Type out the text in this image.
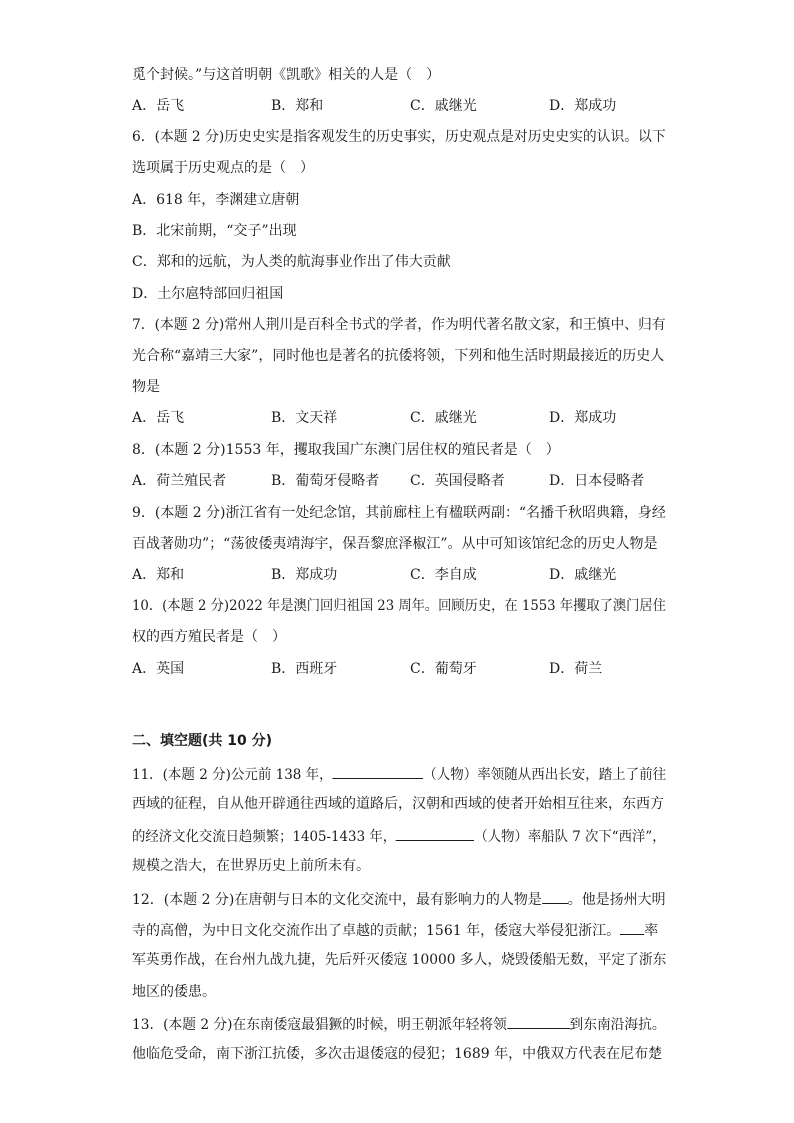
觅个封候。”与这首明朝《凯歌》相关的人是（　）
A．岳飞	B．郑和	C．戚继光	D．郑成功
6．(本题 2 分)历史史实是指客观发生的历史事实，历史观点是对历史史实的认识。以下
选项属于历史观点的是（　）
A．618 年，李渊建立唐朝
B．北宋前期，“交子”出现
C．郑和的远航，为人类的航海事业作出了伟大贡献
D．土尔扈特部回归祖国
7．(本题 2 分)常州人荆川是百科全书式的学者，作为明代著名散文家，和王慎中、归有
光合称“嘉靖三大家”，同时他也是著名的抗倭将领，下列和他生活时期最接近的历史人
物是
A．岳飞	B．文天祥	C．戚继光	D．郑成功
8．(本题 2 分)1553 年，攫取我国广东澳门居住权的殖民者是（　）
A．荷兰殖民者	B．葡萄牙侵略者 C．英国侵略者	D．日本侵略者
9．(本题 2 分)浙江省有一处纪念馆，其前廊柱上有楹联两副：“名播千秋昭典籍，身经
百战著勋功”；“荡彼倭夷靖海宇，保吾黎庶泽椒江”。从中可知该馆纪念的历史人物是
A．郑和	B．郑成功	C．李自成	D．戚继光
10．(本题 2 分)2022 年是澳门回归祖国 23 周年。回顾历史，在 1553 年攫取了澳门居住
权的西方殖民者是（　）
A．英国	B．西班牙	C．葡萄牙	D．荷兰
二、填空题(共 10 分)
11．(本题 2 分)公元前 138 年，	（人物）率领随从西出长安，踏上了前往
西域的征程，自从他开辟通往西域的道路后，汉朝和西域的使者开始相互往来，东西方
的经济文化交流日趋频繁；1405-1433 年，	（人物）率船队 7 次下“西洋”，
规模之浩大，在世界历史上前所未有。
12．(本题 2 分)在唐朝与日本的文化交流中，最有影响力的人物是 。他是扬州大明
寺的高僧，为中日文化交流作出了卓越的贡献；1561 年，倭寇大举侵犯浙江。 率
军英勇作战，在台州九战九捷，先后歼灭倭寇 10000 多人，烧毁倭船无数，平定了浙东
地区的倭患。
13．(本题 2 分)在东南倭寇最猖獗的时候，明王朝派年轻将领	到东南沿海抗。
他临危受命，南下浙江抗倭，多次击退倭寇的侵犯；1689 年，中俄双方代表在尼布楚
